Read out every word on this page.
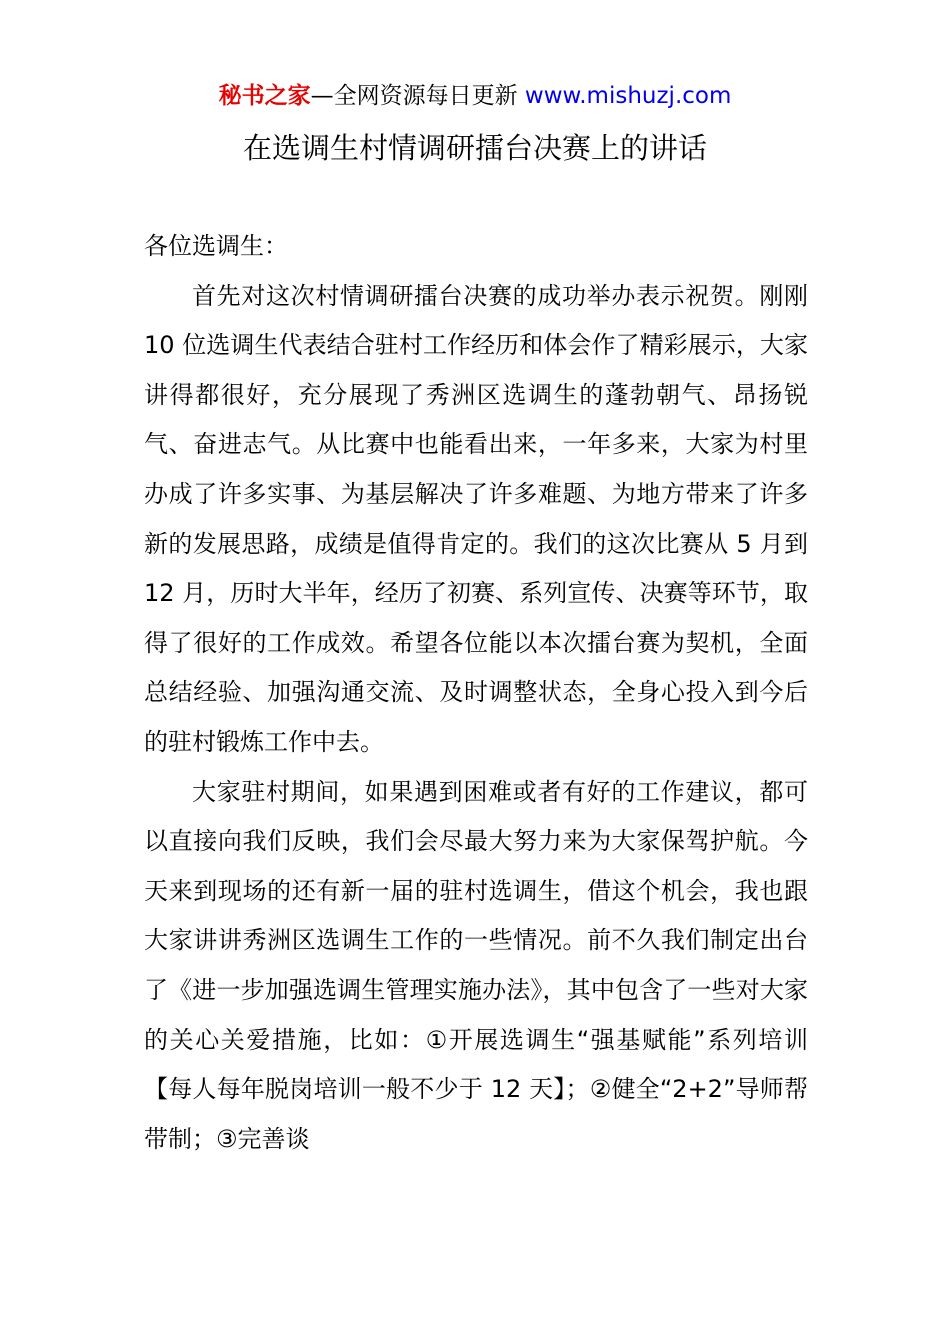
秘书之家—全网资源每日更新 www.mishuzj.com
在选调生村情调研擂台决赛上的讲话

各位选调生：

首先对这次村情调研擂台决赛的成功举办表示祝贺。刚刚 10 位选调生代表结合驻村工作经历和体会作了精彩展示，大家讲得都很好，充分展现了秀洲区选调生的蓬勃朝气、昂扬锐气、奋进志气。从比赛中也能看出来，一年多来，大家为村里办成了许多实事、为基层解决了许多难题、为地方带来了许多新的发展思路，成绩是值得肯定的。我们的这次比赛从 5 月到 12 月，历时大半年，经历了初赛、系列宣传、决赛等环节，取得了很好的工作成效。希望各位能以本次擂台赛为契机，全面总结经验、加强沟通交流、及时调整状态，全身心投入到今后的驻村锻炼工作中去。

大家驻村期间，如果遇到困难或者有好的工作建议，都可以直接向我们反映，我们会尽最大努力来为大家保驾护航。今天来到现场的还有新一届的驻村选调生，借这个机会，我也跟大家讲讲秀洲区选调生工作的一些情况。前不久我们制定出台了《进一步加强选调生管理实施办法》，其中包含了一些对大家的关心关爱措施，比如：①开展选调生“强基赋能”系列培训【每人每年脱岗培训一般不少于 12 天】；②健全“2+2”导师帮带制；③完善谈
